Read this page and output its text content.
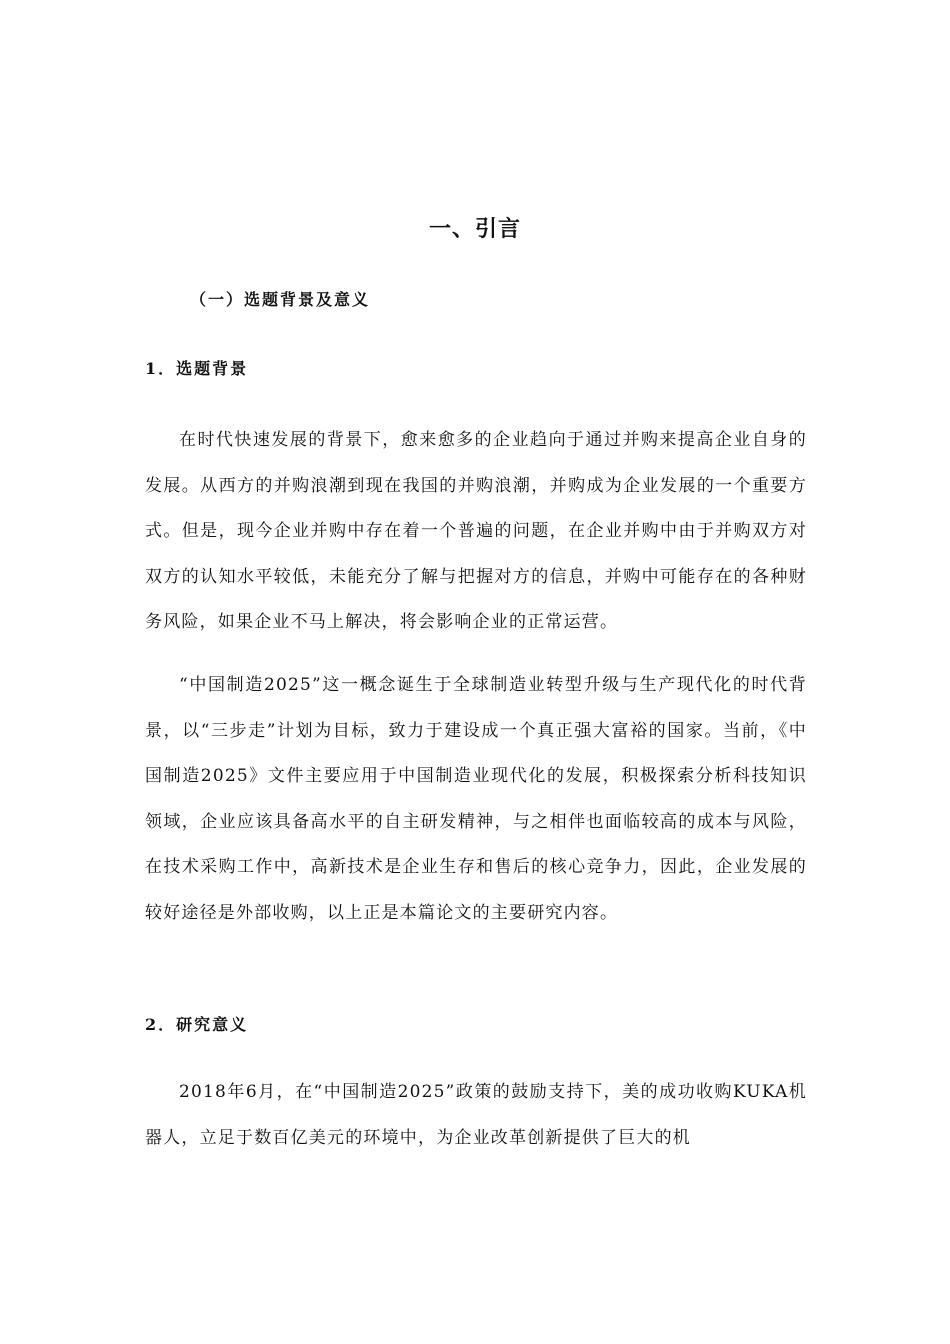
一、引言
（一）选题背景及意义
1．选题背景

在时代快速发展的背景下，愈来愈多的企业趋向于通过并购来提高企业自身的发展。从西方的并购浪潮到现在我国的并购浪潮，并购成为企业发展的一个重要方式。但是，现今企业并购中存在着一个普遍的问题，在企业并购中由于并购双方对双方的认知水平较低，未能充分了解与把握对方的信息，并购中可能存在的各种财务风险，如果企业不马上解决，将会影响企业的正常运营。

“中国制造2025”这一概念诞生于全球制造业转型升级与生产现代化的时代背景，以“三步走”计划为目标，致力于建设成一个真正强大富裕的国家。当前，《中国制造2025》文件主要应用于中国制造业现代化的发展，积极探索分析科技知识领域，企业应该具备高水平的自主研发精神，与之相伴也面临较高的成本与风险，在技术采购工作中，高新技术是企业生存和售后的核心竞争力，因此，企业发展的较好途径是外部收购，以上正是本篇论文的主要研究内容。

2．研究意义

2018年6月，在“中国制造2025”政策的鼓励支持下，美的成功收购KUKA机器人，立足于数百亿美元的环境中，为企业改革创新提供了巨大的机
